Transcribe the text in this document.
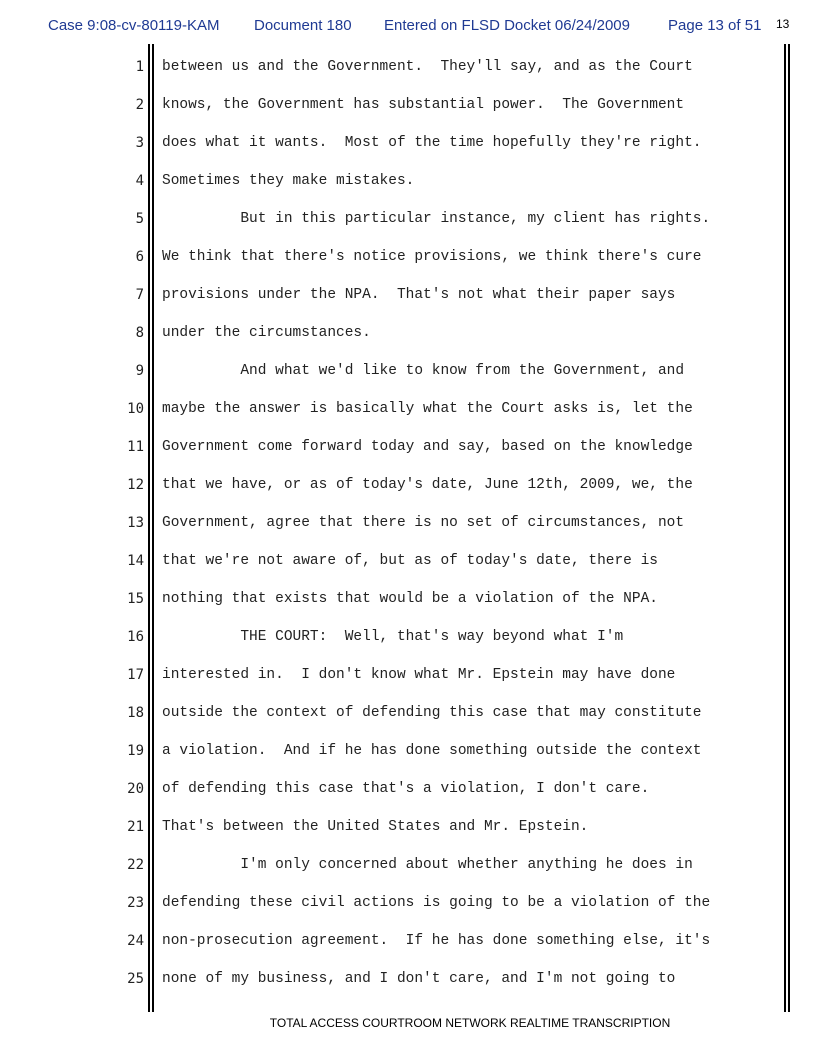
Case 9:08-cv-80119-KAM Document 180 Entered on FLSD Docket 06/24/2009	Page 13 of 51 13
1 between us and the Government.  They'll say, and as the Court
2 knows, the Government has substantial power.  The Government
3 does what it wants.  Most of the time hopefully they're right.
4 Sometimes they make mistakes.
5 But in this particular instance, my client has rights.
6 We think that there's notice provisions, we think there's cure
7 provisions under the NPA.  That's not what their paper says
8 under the circumstances.
9 And what we'd like to know from the Government, and
10 maybe the answer is basically what the Court asks is, let the
11 Government come forward today and say, based on the knowledge
12 that we have, or as of today's date, June 12th, 2009, we, the
13 Government, agree that there is no set of circumstances, not
14 that we're not aware of, but as of today's date, there is
15 nothing that exists that would be a violation of the NPA.
16 THE COURT:  Well, that's way beyond what I'm
17 interested in.  I don't know what Mr. Epstein may have done
18 outside the context of defending this case that may constitute
19 a violation.  And if he has done something outside the context
20 of defending this case that's a violation, I don't care.
21 That's between the United States and Mr. Epstein.
22 I'm only concerned about whether anything he does in
23 defending these civil actions is going to be a violation of the
24 non-prosecution agreement.  If he has done something else, it's
25 none of my business, and I don't care, and I'm not going to
TOTAL ACCESS COURTROOM NETWORK REALTIME TRANSCRIPTION
